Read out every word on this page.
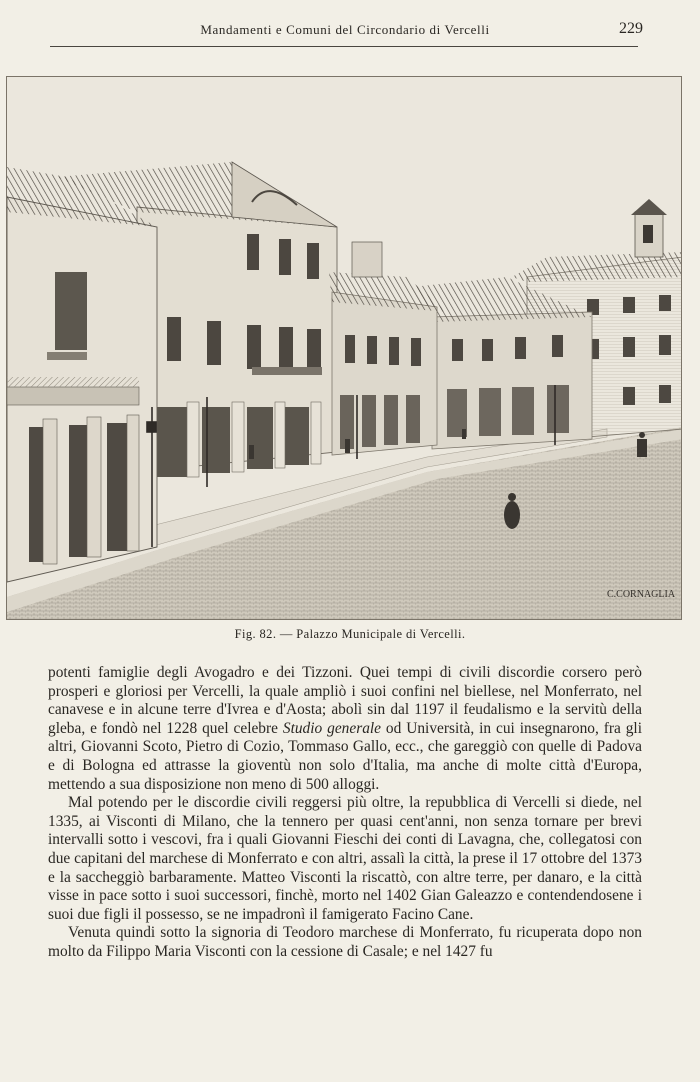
Mandamenti e Comuni del Circondario di Vercelli	229
C.CORNAGLIA
Fig. 82. — Palazzo Municipale di Vercelli.

potenti famiglie degli Avogadro e dei Tizzoni. Quei tempi di civili discordie corsero però prosperi e gloriosi per Vercelli, la quale ampliò i suoi confini nel biellese, nel Monferrato, nel canavese e in alcune terre d'Ivrea e d'Aosta; abolì sin dal 1197 il feudalismo e la servitù della gleba, e fondò nel 1228 quel celebre Studio generale od Università, in cui insegnarono, fra gli altri, Giovanni Scoto, Pietro di Cozio, Tommaso Gallo, ecc., che gareggiò con quelle di Padova e di Bologna ed attrasse la gioventù non solo d'Italia, ma anche di molte città d'Europa, mettendo a sua disposizione non meno di 500 alloggi.

Mal potendo per le discordie civili reggersi più oltre, la repubblica di Vercelli si diede, nel 1335, ai Visconti di Milano, che la tennero per quasi cent'anni, non senza tornare per brevi intervalli sotto i vescovi, fra i quali Giovanni Fieschi dei conti di Lavagna, che, collegatosi con due capitani del marchese di Monferrato e con altri, assalì la città, la prese il 17 ottobre del 1373 e la saccheggiò barbaramente. Matteo Visconti la riscattò, con altre terre, per danaro, e la città visse in pace sotto i suoi successori, finchè, morto nel 1402 Gian Galeazzo e contendendosene i suoi due figli il possesso, se ne impadronì il famigerato Facino Cane.

Venuta quindi sotto la signoria di Teodoro marchese di Monferrato, fu ricuperata dopo non molto da Filippo Maria Visconti con la cessione di Casale; e nel 1427 fu
